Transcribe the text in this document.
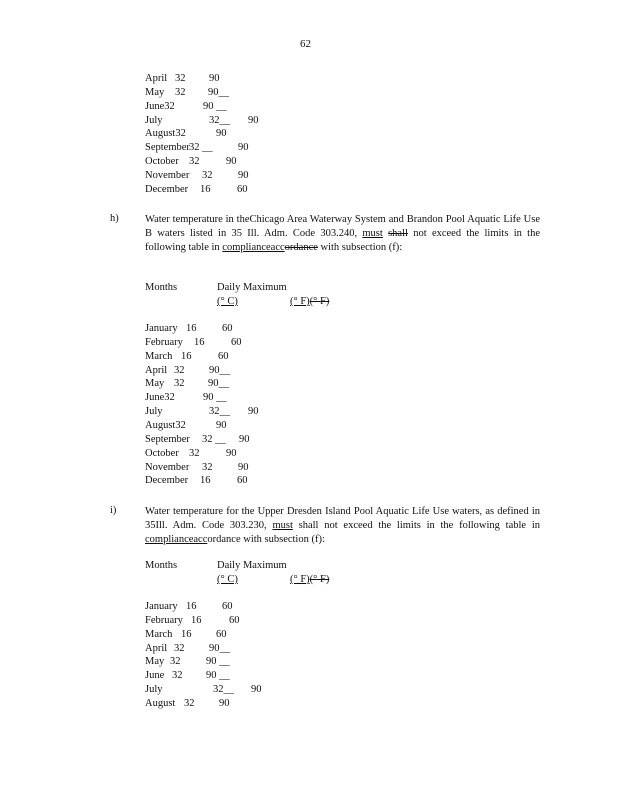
62
April 32 90
May 32 90__
June32	90 __
July	32__ 90
August32	90
September 32 __ 90
October 32	90
November 32 90
December 16	60
h)	Water temperature in theChicago Area Waterway System and Brandon Pool Aquatic Life Use B waters listed in 35 Ill. Adm. Code 303.240, must shall not exceed the limits in the following table in complianceaccordance with subsection (f):
Months	Daily Maximum
(° C)	(° F)(° F)
January 16 60
February 16	60
March 16	60
April 32 90__
May 32 90__
June32	90 __
July	32__ 90
August32	90
September 32 __ 90
October 32	90
November 32 90
December 16	60
i)	Water temperature for the Upper Dresden Island Pool Aquatic Life Use waters, as defined in 35Ill. Adm. Code 303.230, must shall not exceed the limits in the following table in complianceaccordance with subsection (f):
Months	Daily Maximum
(° C)	(° F)(° F)
January 16 60
February 16	60
March 16 60
April 32 90__
May 32 90 __
June 32 90 __
July	32__ 90
August 32 90
